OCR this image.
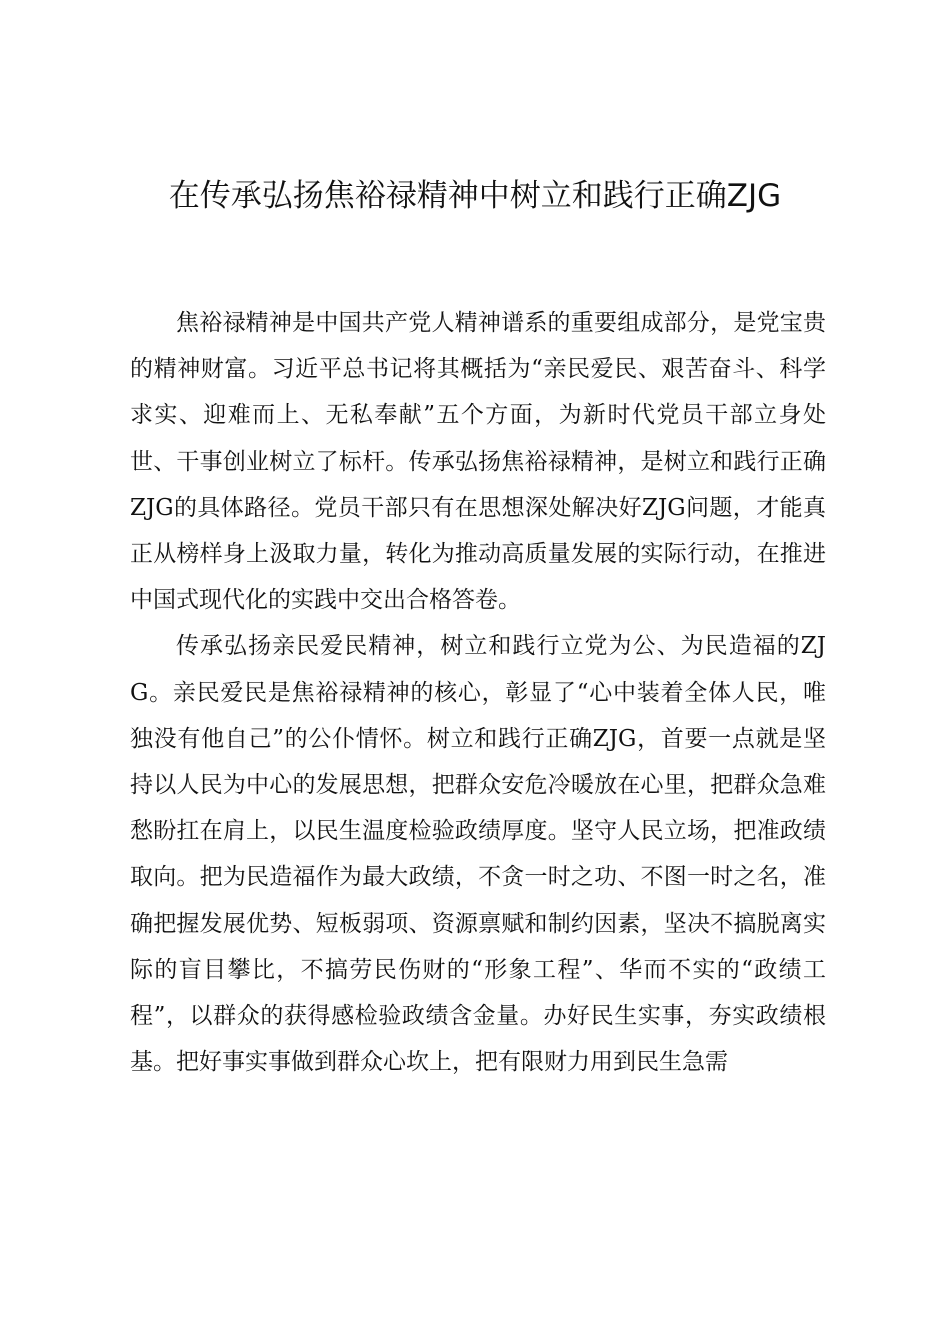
在传承弘扬焦裕禄精神中树立和践行正确ZJG

焦裕禄精神是中国共产党人精神谱系的重要组成部分，是党宝贵的精神财富。习近平总书记将其概括为“亲民爱民、艰苦奋斗、科学求实、迎难而上、无私奉献”五个方面，为新时代党员干部立身处世、干事创业树立了标杆。传承弘扬焦裕禄精神，是树立和践行正确ZJG的具体路径。党员干部只有在思想深处解决好ZJG问题，才能真正从榜样身上汲取力量，转化为推动高质量发展的实际行动，在推进中国式现代化的实践中交出合格答卷。

传承弘扬亲民爱民精神，树立和践行立党为公、为民造福的ZJG。亲民爱民是焦裕禄精神的核心，彰显了“心中装着全体人民，唯独没有他自己”的公仆情怀。树立和践行正确ZJG，首要一点就是坚持以人民为中心的发展思想，把群众安危冷暖放在心里，把群众急难愁盼扛在肩上，以民生温度检验政绩厚度。坚守人民立场，把准政绩取向。把为民造福作为最大政绩，不贪一时之功、不图一时之名，准确把握发展优势、短板弱项、资源禀赋和制约因素，坚决不搞脱离实际的盲目攀比，不搞劳民伤财的“形象工程”、华而不实的“政绩工程”，以群众的获得感检验政绩含金量。办好民生实事，夯实政绩根基。把好事实事做到群众心坎上，把有限财力用到民生急需
